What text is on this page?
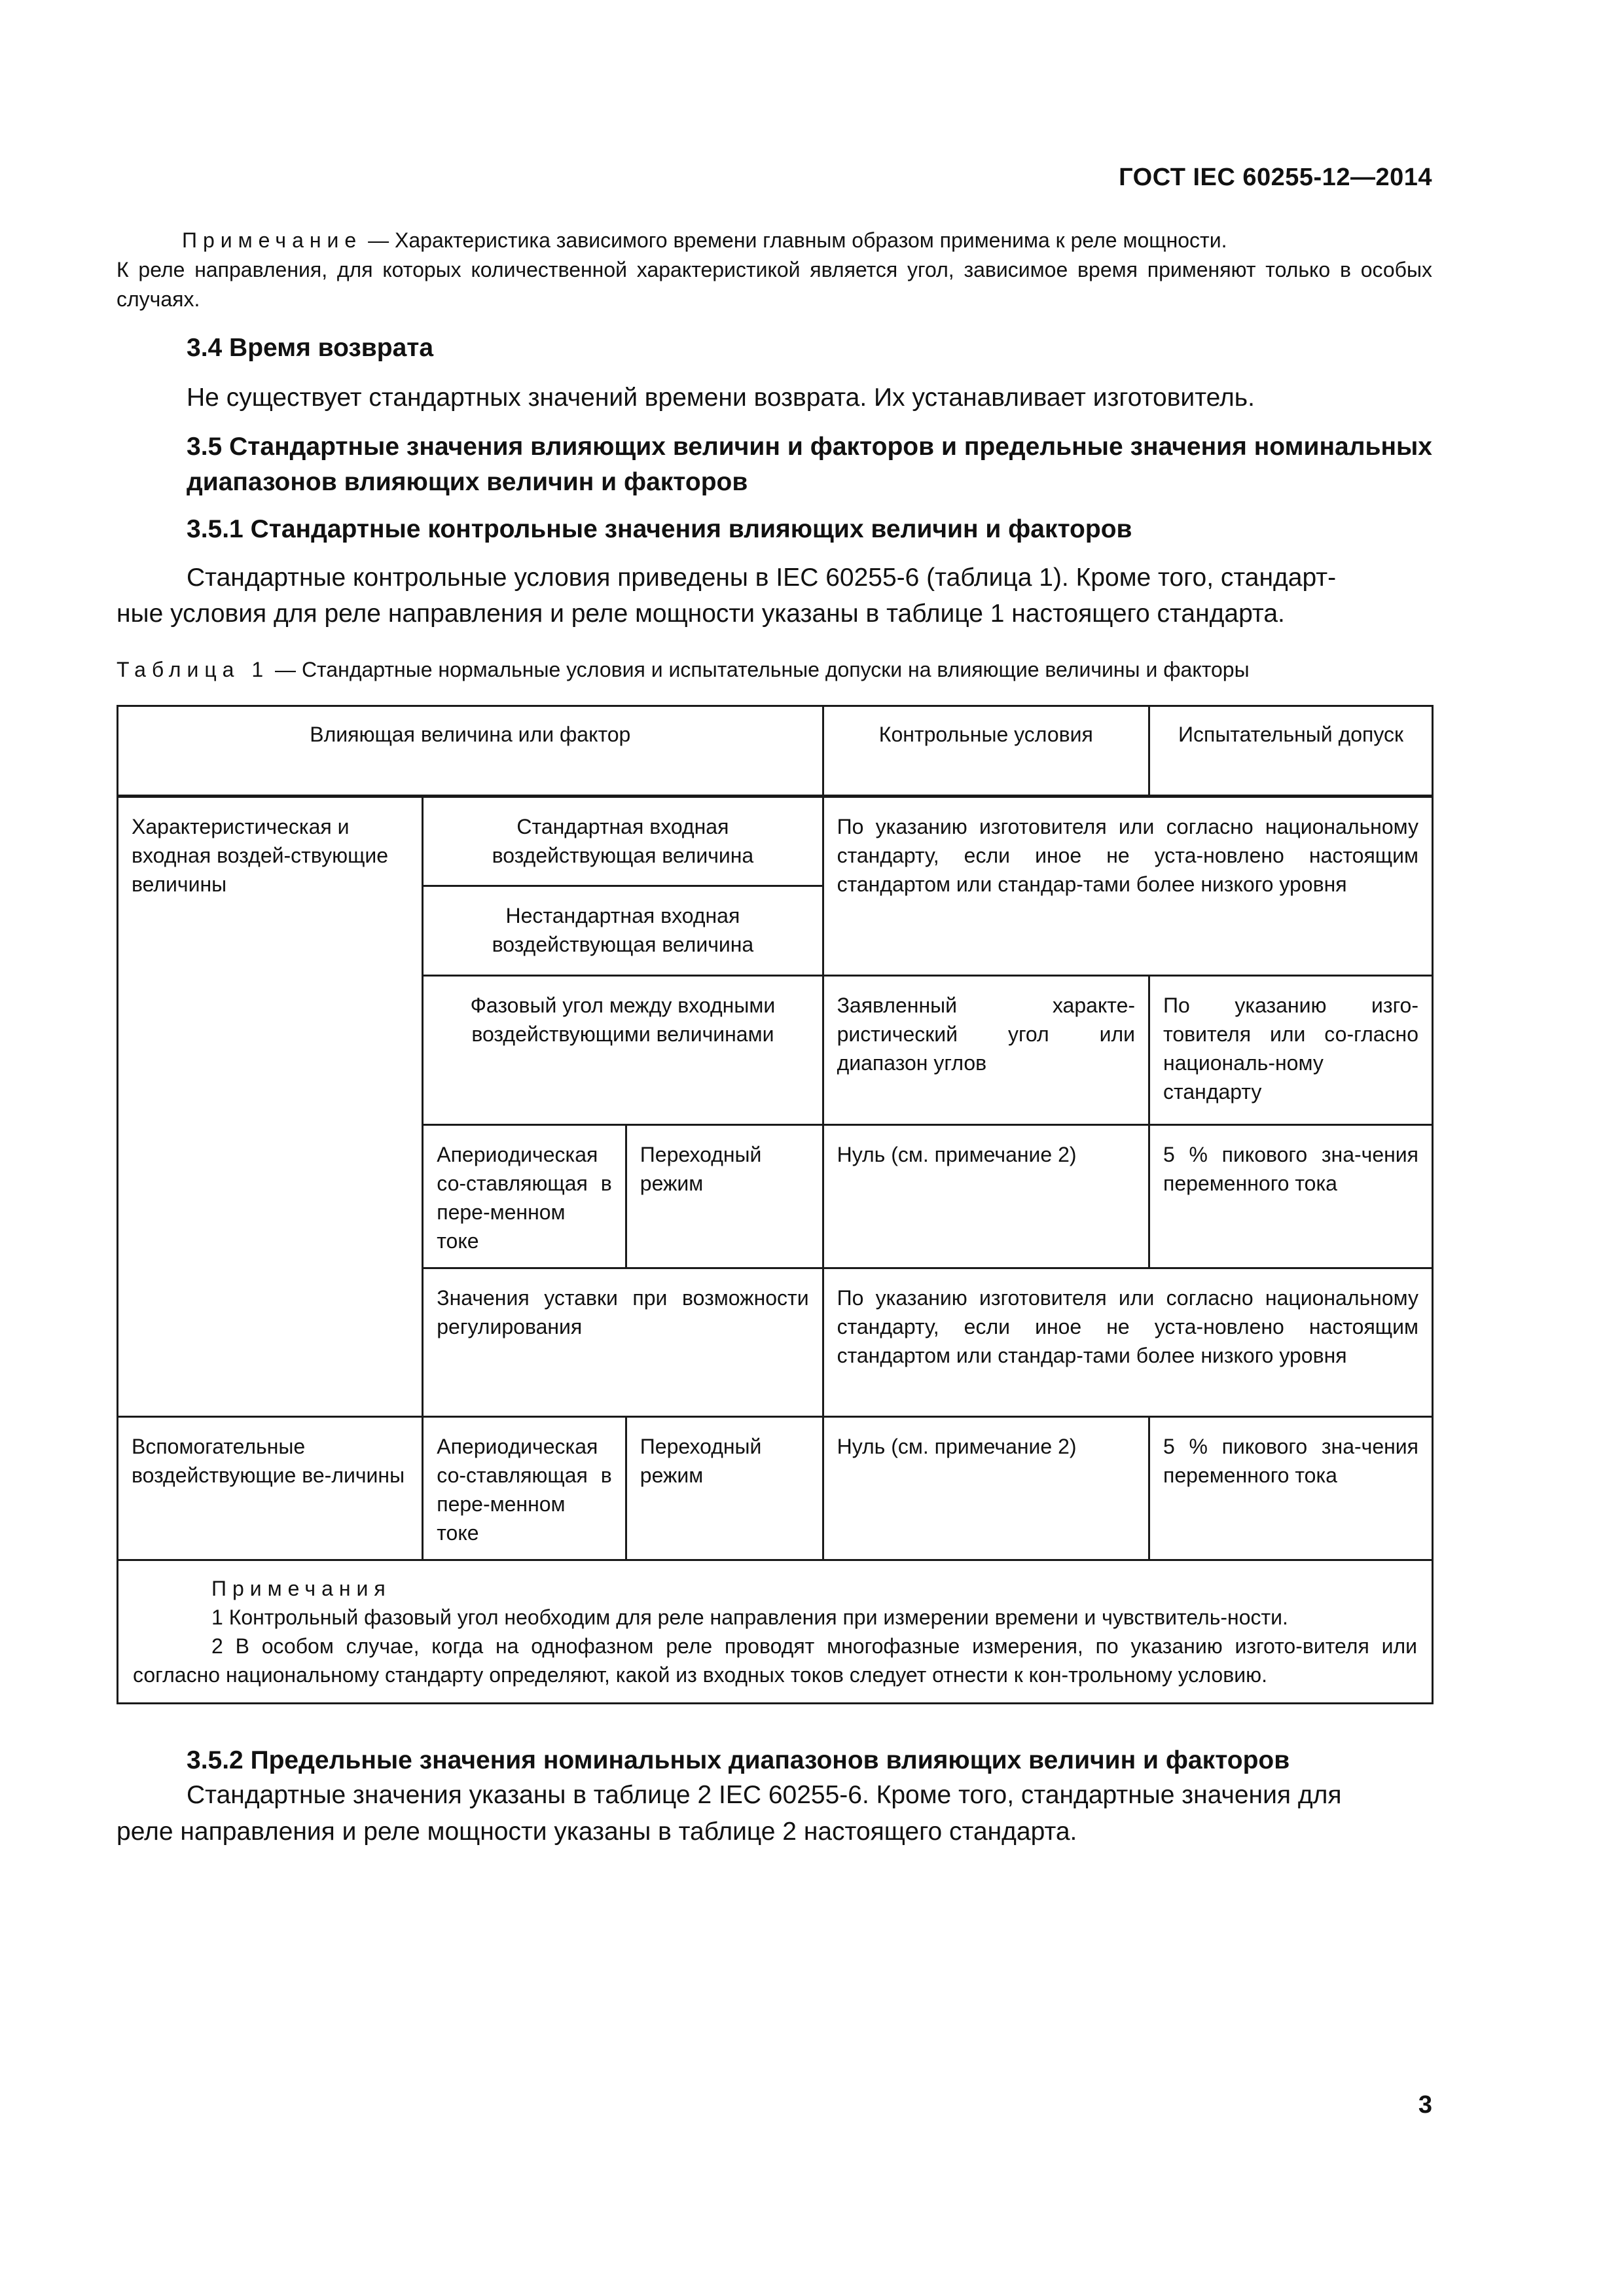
ГОСТ IEC 60255-12—2014
Примечание — Характеристика зависимого времени главным образом применима к реле мощности.
К реле направления, для которых количественной характеристикой является угол, зависимое время применяют только в особых случаях.
3.4 Время возврата
Не существует стандартных значений времени возврата. Их устанавливает изготовитель.
3.5 Стандартные значения влияющих величин и факторов и предельные значения номинальных диапазонов влияющих величин и факторов
3.5.1 Стандартные контрольные значения влияющих величин и факторов
Стандартные контрольные условия приведены в IEC 60255-6 (таблица 1). Кроме того, стандарт-
ные условия для реле направления и реле мощности указаны в таблице 1 настоящего стандарта.
Таблица 1 — Стандартные нормальные условия и испытательные допуски на влияющие величины и факторы
Влияющая величина или фактор			Контрольные условия	Испытательный допуск
Характеристическая и входная воздей-ствующие величины	Стандартная входная воздействующая величина		По указанию изготовителя или согласно национальному стандарту, если иное не уста-новлено настоящим стандартом или стандар-тами более низкого уровня	
	Нестандартная входная воздействующая величина			
	Фазовый угол между входными воздействующими величинами		Заявленный характе-ристический угол или диапазон углов	По указанию изго-товителя или со-гласно националь-ному стандарту
	Апериодическая со-ставляющая в пере-менном токе	Переходный режим	Нуль (см. примечание 2)	5 % пикового зна-чения переменного тока
	Значения уставки при возможности регулирования		По указанию изготовителя или согласно национальному стандарту, если иное не уста-новлено настоящим стандартом или стандар-тами более низкого уровня	
Вспомогательные воздействующие ве-личины	Апериодическая со-ставляющая в пере-менном токе	Переходный режим	Нуль (см. примечание 2)	5 % пикового зна-чения переменного тока

Примечания
1 Контрольный фазовый угол необходим для реле направления при измерении времени и чувствитель-ности.
2 В особом случае, когда на однофазном реле проводят многофазные измерения, по указанию изгото-вителя или согласно национальному стандарту определяют, какой из входных токов следует отнести к кон-трольному условию.				
3.5.2 Предельные значения номинальных диапазонов влияющих величин и факторов
Стандартные значения указаны в таблице 2 IEC 60255-6. Кроме того, стандартные значения для
реле направления и реле мощности указаны в таблице 2 настоящего стандарта.
3
